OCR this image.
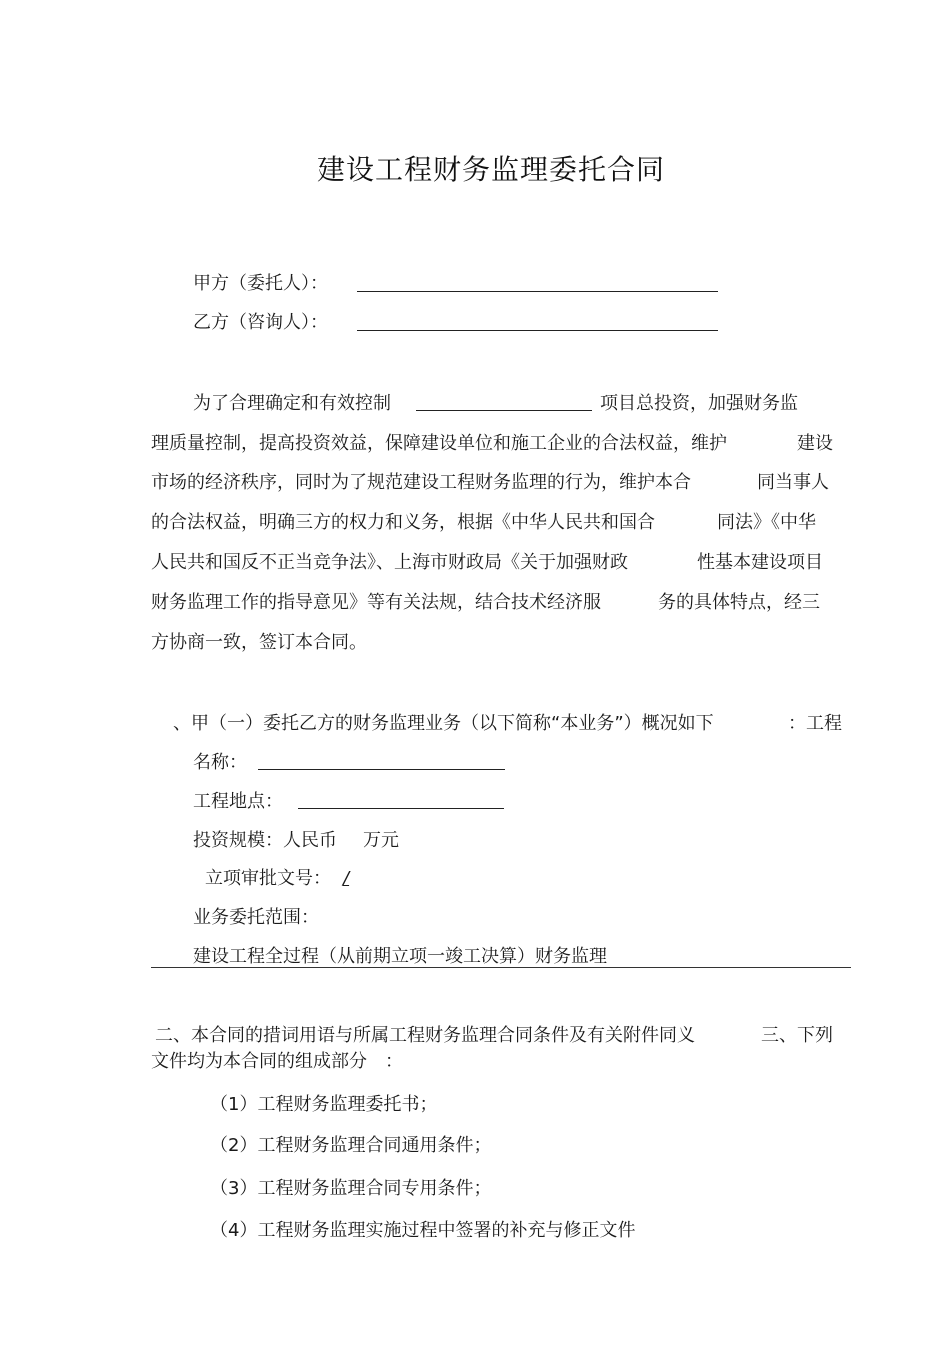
建设工程财务监理委托合同
甲方（委托人）：
乙方（咨询人）：
为了合理确定和有效控制	项目总投资，加强财务监
理质量控制，提高投资效益，保障建设单位和施工企业的合法权益，维护	建设
市场的经济秩序，同时为了规范建设工程财务监理的行为，维护本合	同当事人
的合法权益，明确三方的权力和义务，根据《中华人民共和国合	同法》《中华
人民共和国反不正当竞争法》、上海市财政局《关于加强财政	性基本建设项目
财务监理工作的指导意见》等有关法规，结合技术经济服	务的具体特点，经三
方协商一致，签订本合同。
、甲（一）委托乙方的财务监理业务（以下简称“本业务”）概况如下	：工程
名称：
工程地点：
投资规模：人民币 万元
立项审批文号： /
业务委托范围：
建设工程全过程（从前期立项一竣工决算）财务监理
二、本合同的措词用语与所属工程财务监理合同条件及有关附件同义	三、下列
文件均为本合同的组成部分　：
（1）工程财务监理委托书；
（2）工程财务监理合同通用条件；
（3）工程财务监理合同专用条件；
（4）工程财务监理实施过程中签署的补充与修正文件
